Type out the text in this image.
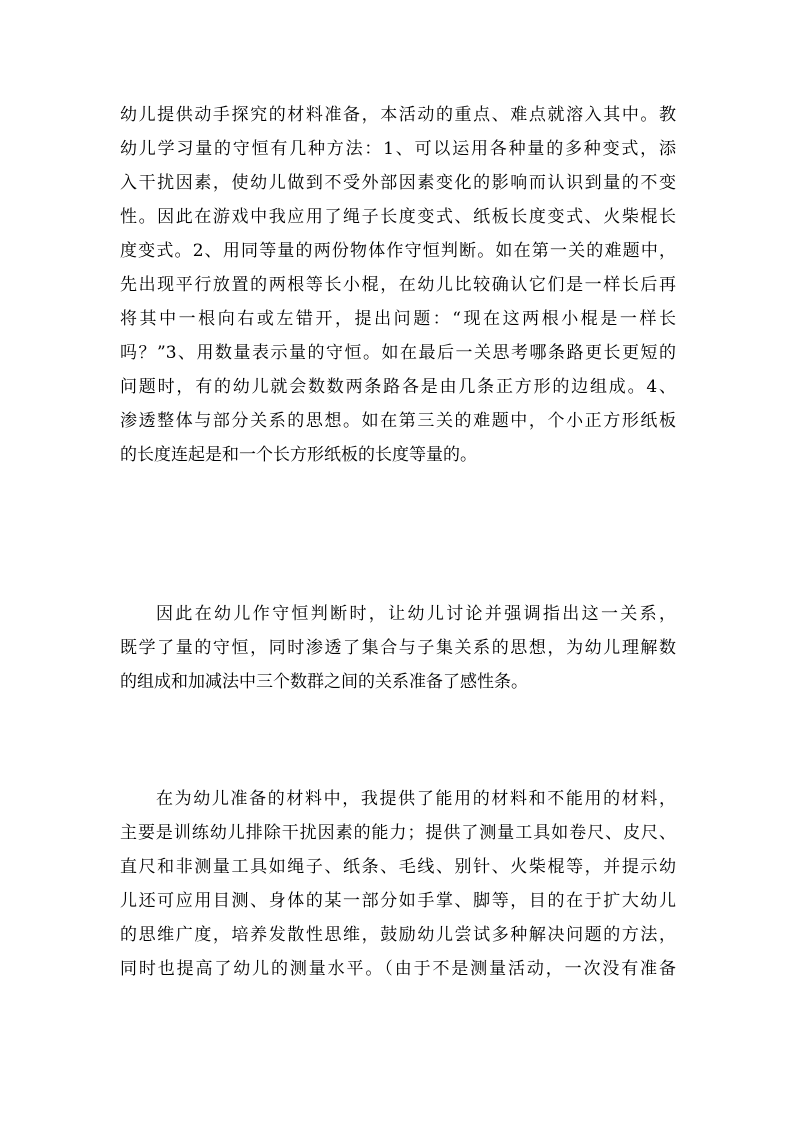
幼儿提供动手探究的材料准备，本活动的重点、难点就溶入其中。教
幼儿学习量的守恒有几种方法：1、可以运用各种量的多种变式，添
入干扰因素，使幼儿做到不受外部因素变化的影响而认识到量的不变
性。因此在游戏中我应用了绳子长度变式、纸板长度变式、火柴棍长
度变式。2、用同等量的两份物体作守恒判断。如在第一关的难题中，
先出现平行放置的两根等长小棍，在幼儿比较确认它们是一样长后再
将其中一根向右或左错开，提出问题：“现在这两根小棍是一样长
吗？”3、用数量表示量的守恒。如在最后一关思考哪条路更长更短的
问题时，有的幼儿就会数数两条路各是由几条正方形的边组成。4、
渗透整体与部分关系的思想。如在第三关的难题中，个小正方形纸板
的长度连起是和一个长方形纸板的长度等量的。
因此在幼儿作守恒判断时，让幼儿讨论并强调指出这一关系，
既学了量的守恒，同时渗透了集合与子集关系的思想，为幼儿理解数
的组成和加减法中三个数群之间的关系准备了感性条。
在为幼儿准备的材料中，我提供了能用的材料和不能用的材料，
主要是训练幼儿排除干扰因素的能力；提供了测量工具如卷尺、皮尺、
直尺和非测量工具如绳子、纸条、毛线、别针、火柴棍等，并提示幼
儿还可应用目测、身体的某一部分如手掌、脚等，目的在于扩大幼儿
的思维广度，培养发散性思维，鼓励幼儿尝试多种解决问题的方法，
同时也提高了幼儿的测量水平。（由于不是测量活动，一次没有准备
